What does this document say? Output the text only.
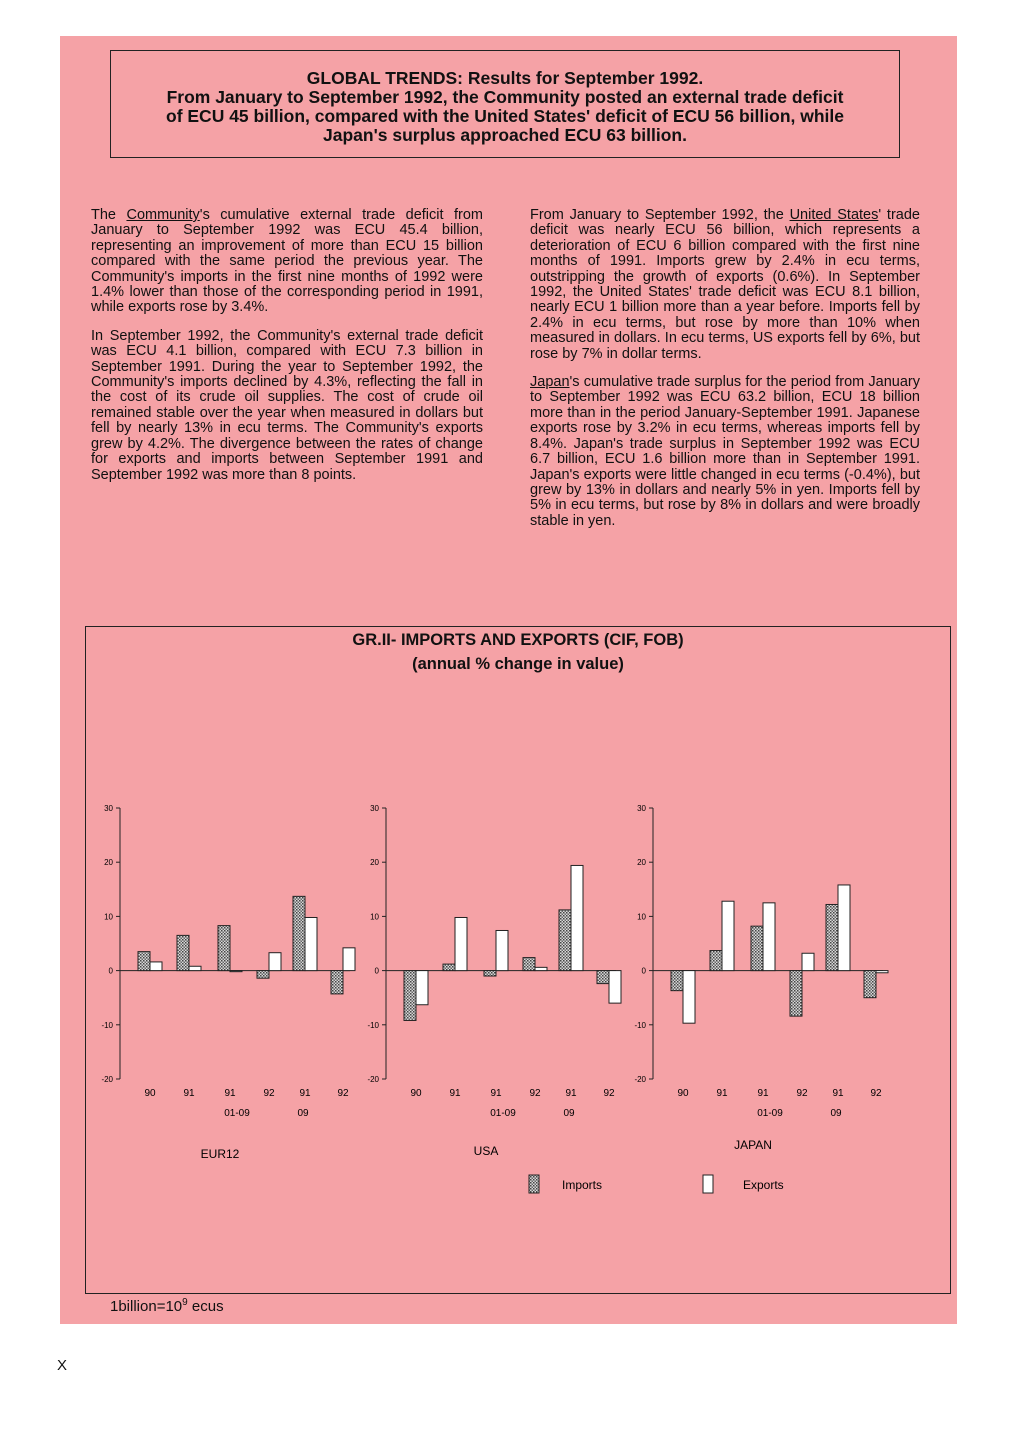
GLOBAL TRENDS: Results for September 1992.
From January to September 1992, the Community posted an external trade deficit
of ECU 45 billion, compared with the United States' deficit of ECU 56 billion, while
Japan's surplus approached ECU 63 billion.

The Community's cumulative external trade deficit from January to September 1992 was ECU 45.4 billion, representing an improvement of more than ECU 15 billion compared with the same period the previous year. The Community's imports in the first nine months of 1992 were 1.4% lower than those of the corresponding period in 1991, while exports rose by 3.4%.

In September 1992, the Community's external trade deficit was ECU 4.1 billion, compared with ECU 7.3 billion in September 1991. During the year to September 1992, the Community's imports declined by 4.3%, reflecting the fall in the cost of its crude oil supplies. The cost of crude oil remained stable over the year when measured in dollars but fell by nearly 13% in ecu terms. The Community's exports grew by 4.2%. The divergence between the rates of change for exports and imports between September 1991 and September 1992 was more than 8 points.

From January to September 1992, the United States' trade deficit was nearly ECU 56 billion, which represents a deterioration of ECU 6 billion compared with the first nine months of 1991. Imports grew by 2.4% in ecu terms, outstripping the growth of exports (0.6%). In September 1992, the United States' trade deficit was ECU 8.1 billion, nearly ECU 1 billion more than a year before. Imports fell by 2.4% in ecu terms, but rose by more than 10% when measured in dollars. In ecu terms, US exports fell by 6%, but rose by 7% in dollar terms.

Japan's cumulative trade surplus for the period from January to September 1992 was ECU 63.2 billion, ECU 18 billion more than in the period January-September 1991. Japanese exports rose by 3.2% in ecu terms, whereas imports fell by 8.4%. Japan's trade surplus in September 1992 was ECU 6.7 billion, ECU 1.6 billion more than in September 1991. Japan's exports were little changed in ecu terms (-0.4%), but grew by 13% in dollars and nearly 5% in yen. Imports fell by 5% in ecu terms, but rose by 8% in dollars and were broadly stable in yen.

GR.II- IMPORTS AND EXPORTS (CIF, FOB)
(annual % change in value)
30
20
10
0
-10
-20
90	91	91	92 91	92
01-09	09
EUR12
30
20
10
0
-10
-20
90	91	91	92 91	92
01-09	09
USA
30
20
10
0
-10
-20
90	91	91	92 91	92
01-09	09
JAPAN
Imports	Exports
$1billion=10^9$ ecus
X
